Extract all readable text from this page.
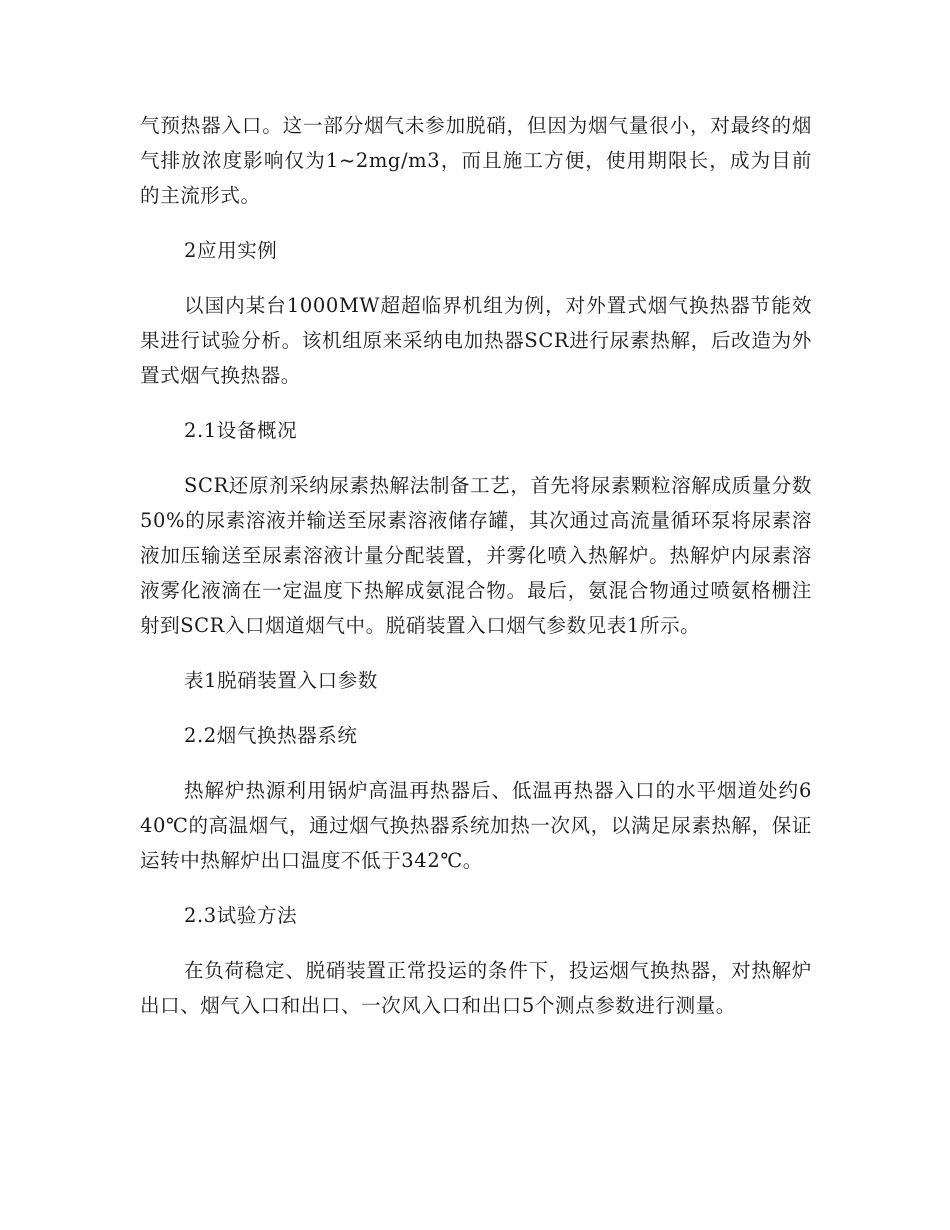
气预热器入口。这一部分烟气未参加脱硝，但因为烟气量很小，对最终的烟气排放浓度影响仅为1~2mg/m3，而且施工方便，使用期限长，成为目前的主流形式。

2应用实例

以国内某台1000MW超超临界机组为例，对外置式烟气换热器节能效果进行试验分析。该机组原来采纳电加热器SCR进行尿素热解，后改造为外置式烟气换热器。

2.1设备概况

SCR还原剂采纳尿素热解法制备工艺，首先将尿素颗粒溶解成质量分数50%的尿素溶液并输送至尿素溶液储存罐，其次通过高流量循环泵将尿素溶液加压输送至尿素溶液计量分配装置，并雾化喷入热解炉。热解炉内尿素溶液雾化液滴在一定温度下热解成氨混合物。最后，氨混合物通过喷氨格栅注射到SCR入口烟道烟气中。脱硝装置入口烟气参数见表1所示。

表1脱硝装置入口参数

2.2烟气换热器系统

热解炉热源利用锅炉高温再热器后、低温再热器入口的水平烟道处约640℃的高温烟气，通过烟气换热器系统加热一次风，以满足尿素热解，保证运转中热解炉出口温度不低于342℃。

2.3试验方法

在负荷稳定、脱硝装置正常投运的条件下，投运烟气换热器，对热解炉出口、烟气入口和出口、一次风入口和出口5个测点参数进行测量。
